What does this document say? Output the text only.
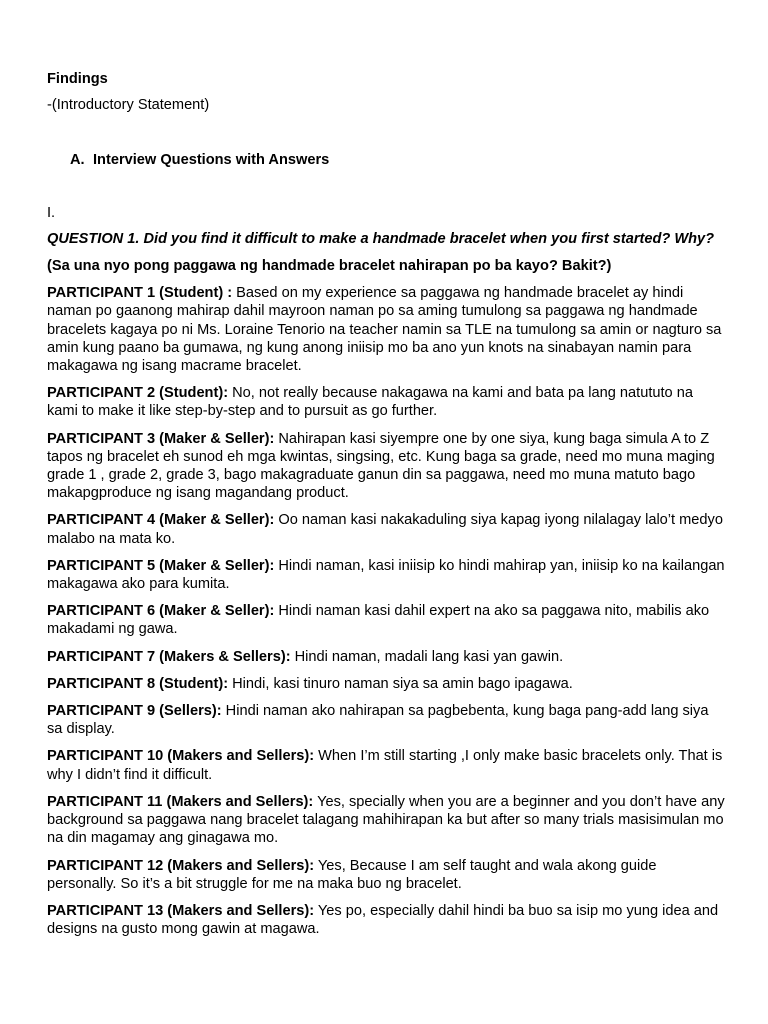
Findings
-(Introductory Statement)
A. Interview Questions with Answers
I.
QUESTION 1. Did you find it difficult to make a handmade bracelet when you first started? Why?
(Sa una nyo pong paggawa ng handmade bracelet nahirapan po ba kayo? Bakit?)

PARTICIPANT 1 (Student) : Based on my experience sa paggawa ng handmade bracelet ay hindi naman po gaanong mahirap dahil mayroon naman po sa aming tumulong sa paggawa ng handmade bracelets kagaya po ni Ms. Loraine Tenorio na teacher namin sa TLE na tumulong sa amin or nagturo sa amin kung paano ba gumawa, ng kung anong iniisip mo ba ano yun knots na sinabayan namin para makagawa ng isang macrame bracelet.

PARTICIPANT 2 (Student): No, not really because nakagawa na kami and bata pa lang natututo na kami to make it like step-by-step and to pursuit as go further.

PARTICIPANT 3 (Maker & Seller): Nahirapan kasi siyempre one by one siya, kung baga simula A to Z tapos ng bracelet eh sunod eh mga kwintas, singsing, etc. Kung baga sa grade, need mo muna maging grade 1 , grade 2, grade 3, bago makagraduate ganun din sa paggawa, need mo muna matuto bago makapgproduce ng isang magandang product.

PARTICIPANT 4 (Maker & Seller): Oo naman kasi nakakaduling siya kapag iyong nilalagay lalo’t medyo malabo na mata ko.

PARTICIPANT 5 (Maker & Seller): Hindi naman, kasi iniisip ko hindi mahirap yan, iniisip ko na kailangan makagawa ako para kumita.

PARTICIPANT 6 (Maker & Seller): Hindi naman kasi dahil expert na ako sa paggawa nito, mabilis ako makadami ng gawa.

PARTICIPANT 7 (Makers & Sellers): Hindi naman, madali lang kasi yan gawin.

PARTICIPANT 8 (Student): Hindi, kasi tinuro naman siya sa amin bago ipagawa.

PARTICIPANT 9 (Sellers): Hindi naman ako nahirapan sa pagbebenta, kung baga pang-add lang siya sa display.

PARTICIPANT 10 (Makers and Sellers): When I’m still starting ,I only make basic bracelets only. That is why I didn’t find it difficult.

PARTICIPANT 11 (Makers and Sellers): Yes, specially when you are a beginner and you don’t have any background sa paggawa nang bracelet talagang mahihirapan ka but after so many trials masisimulan mo na din magamay ang ginagawa mo.

PARTICIPANT 12 (Makers and Sellers): Yes, Because I am self taught and wala akong guide personally. So it’s a bit struggle for me na maka buo ng bracelet.

PARTICIPANT 13 (Makers and Sellers): Yes po, especially dahil hindi ba buo sa isip mo yung idea and designs na gusto mong gawin at magawa.
